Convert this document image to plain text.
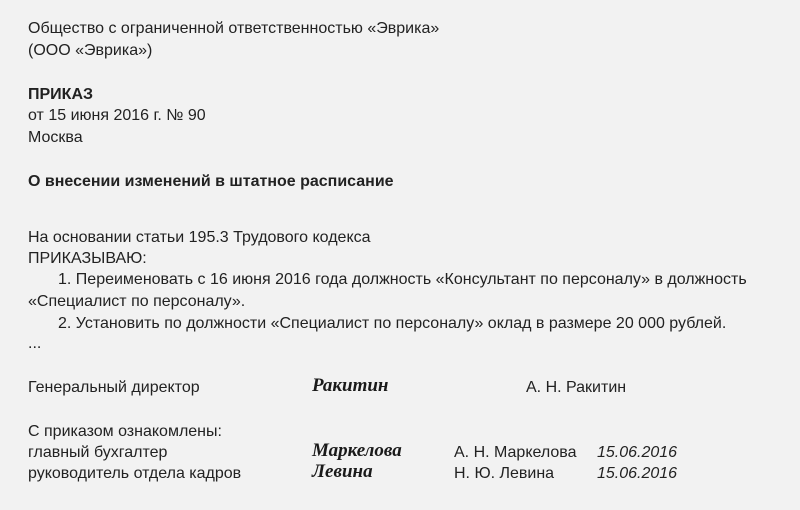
Общество с ограниченной ответственностью «Эврика»
(ООО «Эврика»)
ПРИКАЗ
от 15 июня 2016 г. № 90
Москва
О внесении изменений в штатное расписание
На основании статьи 195.3 Трудового кодекса
ПРИКАЗЫВАЮ:
1. Переименовать с 16 июня 2016 года должность «Консультант по персоналу» в должность
«Специалист по персоналу».
2. Установить по должности «Специалист по персоналу» оклад в размере 20 000 рублей.
...
Генеральный директор	Ракитин	А. Н. Ракитин
С приказом ознакомлены:
главный бухгалтер	Маркелова	А. Н. Маркелова 15.06.2016
руководитель отдела кадров	Левина	Н. Ю. Левина	15.06.2016
